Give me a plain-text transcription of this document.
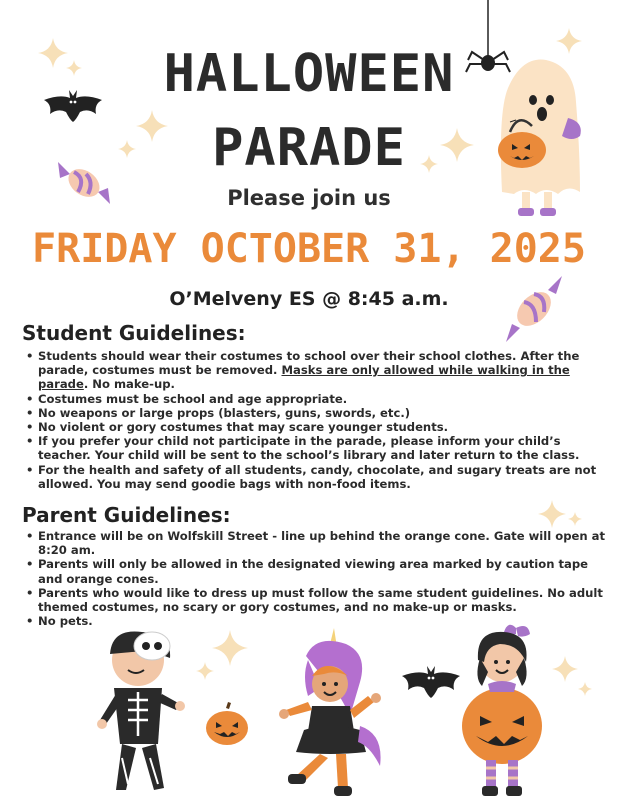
HALLOWEEN
PARADE
Please join us
FRIDAY OCTOBER 31, 2025
O’Melveny ES @ 8:45 a.m.
Student Guidelines:
• Students should wear their costumes to school over their school clothes. After the parade, costumes must be removed. Masks are only allowed while walking in the parade. No make-up.
• Costumes must be school and age appropriate.
• No weapons or large props (blasters, guns, swords, etc.)
• No violent or gory costumes that may scare younger students.
• If you prefer your child not participate in the parade, please inform your child’s teacher. Your child will be sent to the school’s library and later return to the class.
• For the health and safety of all students, candy, chocolate, and sugary treats are not allowed. You may send goodie bags with non-food items.
Parent Guidelines:
• Entrance will be on Wolfskill Street - line up behind the orange cone. Gate will open at 8:20 am.
• Parents will only be allowed in the designated viewing area marked by caution tape and orange cones.
• Parents who would like to dress up must follow the same student guidelines. No adult themed costumes, no scary or gory costumes, and no make-up or masks.
• No pets.
